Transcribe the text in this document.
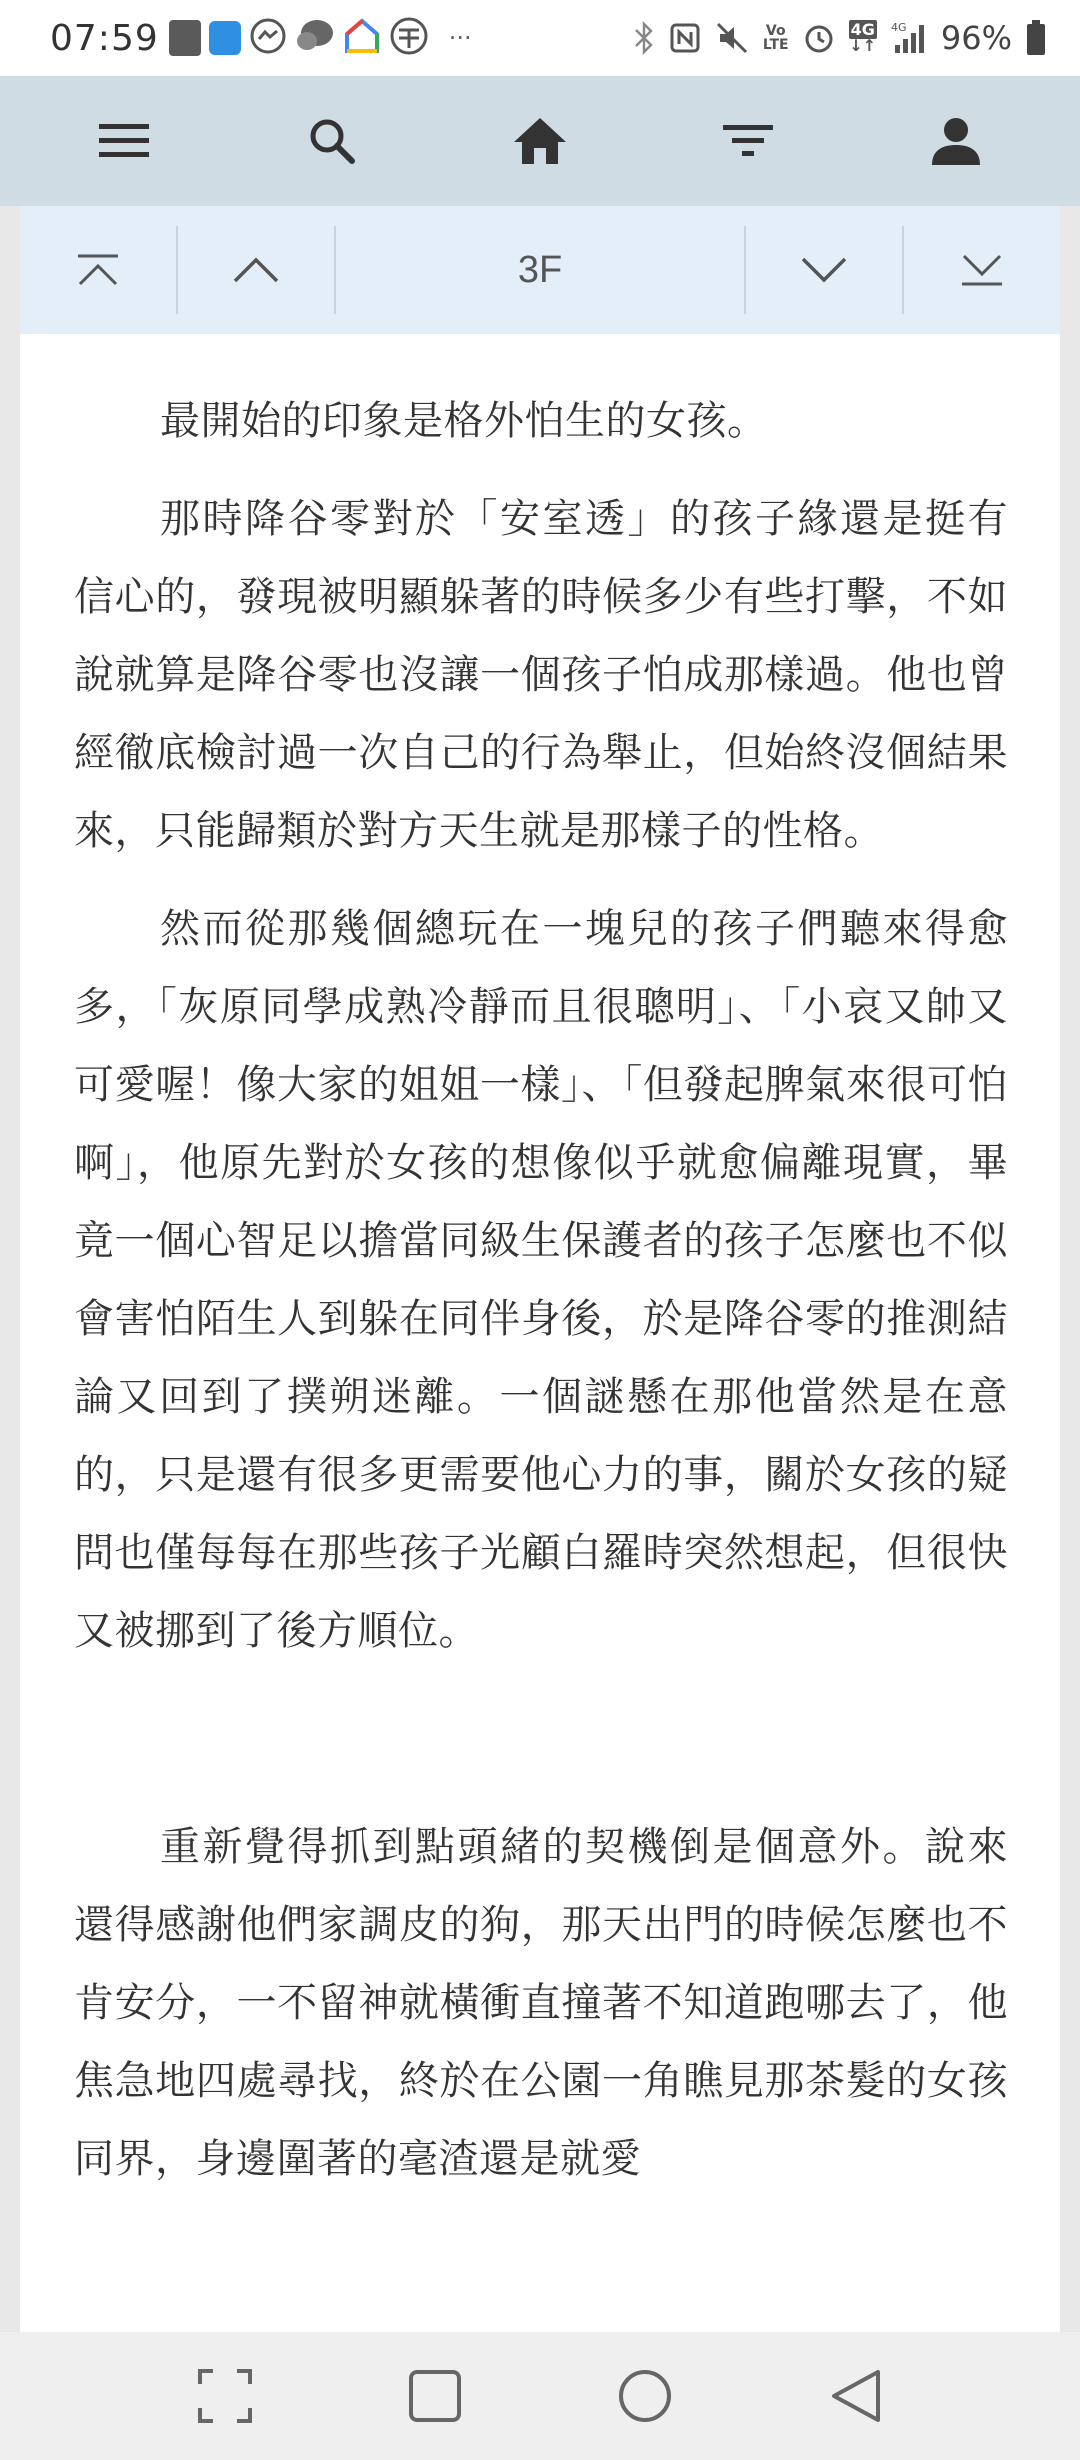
07:59	···	Vo
LTE
4G
↓↑
4G 96%
3F

最開始的印象是格外怕生的女孩。

那時降谷零對於「安室透」的孩子緣還是挺有信心的，發現被明顯躲著的時候多少有些打擊，不如說就算是降谷零也沒讓一個孩子怕成那樣過。他也曾經徹底檢討過一次自己的行為舉止，但始終沒個結果來，只能歸類於對方天生就是那樣子的性格。

然而從那幾個總玩在一塊兒的孩子們聽來得愈多，「灰原同學成熟冷靜而且很聰明」、「小哀又帥又可愛喔！像大家的姐姐一樣」、「但發起脾氣來很可怕啊」，他原先對於女孩的想像似乎就愈偏離現實，畢竟一個心智足以擔當同級生保護者的孩子怎麼也不似會害怕陌生人到躲在同伴身後，於是降谷零的推測結論又回到了撲朔迷離。一個謎懸在那他當然是在意的，只是還有很多更需要他心力的事，關於女孩的疑問也僅每每在那些孩子光顧白羅時突然想起，但很快又被挪到了後方順位。

重新覺得抓到點頭緒的契機倒是個意外。說來還得感謝他們家調皮的狗，那天出門的時候怎麼也不肯安分，一不留神就橫衝直撞著不知道跑哪去了，他焦急地四處尋找，終於在公園一角瞧見那茶髮的女孩同界，身邊圍著的毫渣還是就愛
